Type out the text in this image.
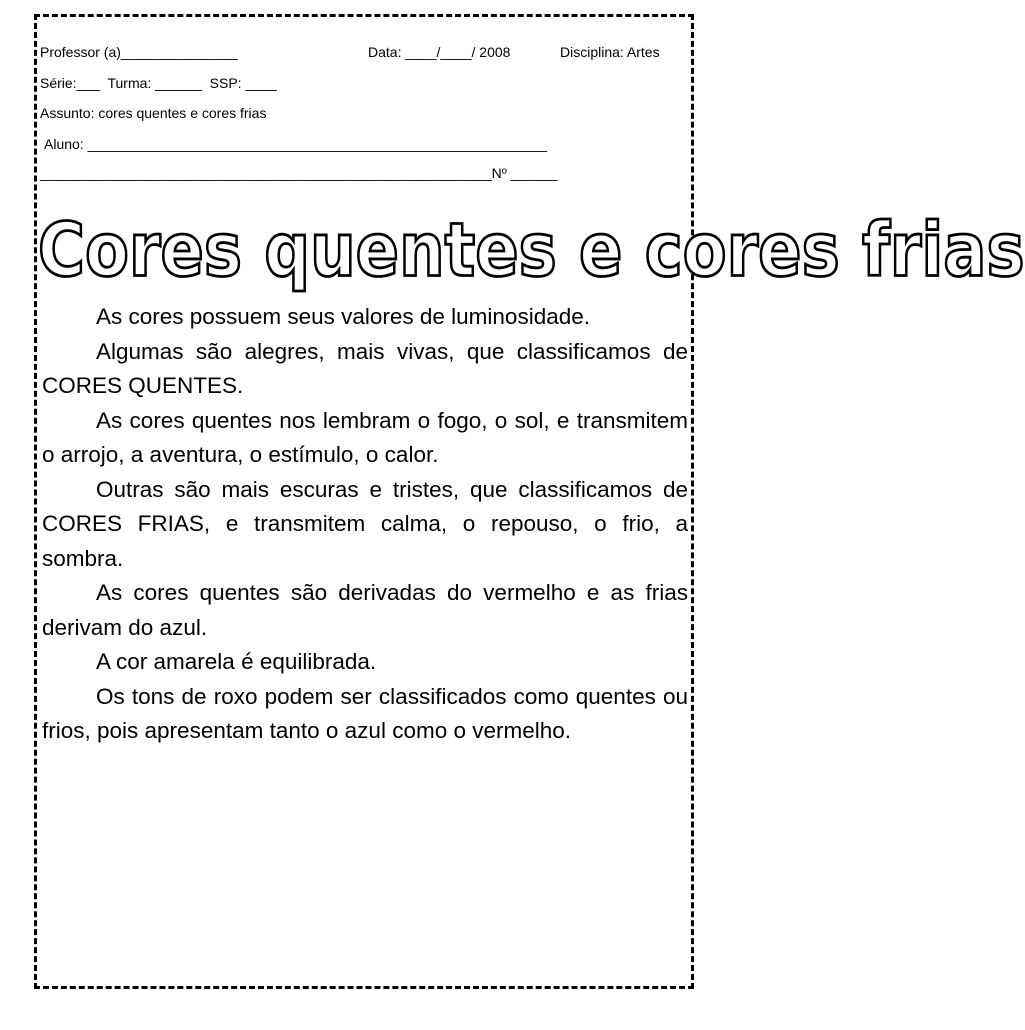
Professor (a)_______________	Data: ____/____/ 2008	Disciplina: Artes
Série:___  Turma: ______  SSP: ____
Assunto: cores quentes e cores frias
Aluno: ___________________________________________________________
__________________________________________________________Nº ______
Cores quentes e cores frias

As cores possuem seus valores de luminosidade.

Algumas são alegres, mais vivas, que classificamos de CORES QUENTES.

As cores quentes nos lembram o fogo, o sol, e transmitem o arrojo, a aventura, o estímulo, o calor.

Outras são mais escuras e tristes, que classificamos de CORES FRIAS, e transmitem calma, o repouso, o frio, a sombra.

As cores quentes são derivadas do vermelho e as frias derivam do azul.

A cor amarela é equilibrada.

Os tons de roxo podem ser classificados como quentes ou frios, pois apresentam tanto o azul como o vermelho.
